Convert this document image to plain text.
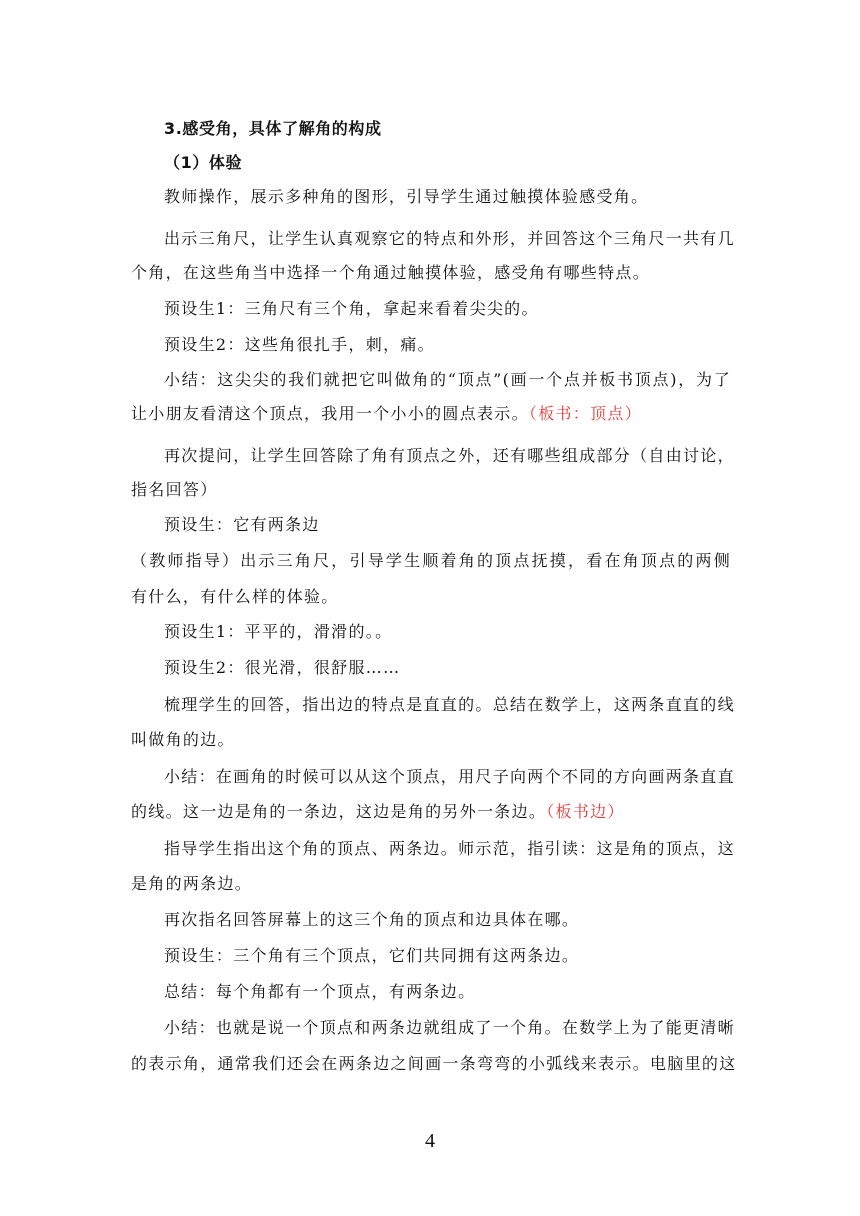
3.感受角，具体了解角的构成
（1）体验
教师操作，展示多种角的图形，引导学生通过触摸体验感受角。
出示三角尺，让学生认真观察它的特点和外形，并回答这个三角尺一共有几
个角，在这些角当中选择一个角通过触摸体验，感受角有哪些特点。
预设生1：三角尺有三个角，拿起来看着尖尖的。
预设生2：这些角很扎手，刺，痛。
小结：这尖尖的我们就把它叫做角的“顶点”(画一个点并板书顶点)，为了
让小朋友看清这个顶点，我用一个小小的圆点表示。（板书：顶点）
再次提问，让学生回答除了角有顶点之外，还有哪些组成部分（自由讨论，
指名回答）
预设生：它有两条边
（教师指导）出示三角尺，引导学生顺着角的顶点抚摸，看在角顶点的两侧
有什么，有什么样的体验。
预设生1：平平的，滑滑的。。
预设生2：很光滑，很舒服……
梳理学生的回答，指出边的特点是直直的。总结在数学上，这两条直直的线
叫做角的边。
小结：在画角的时候可以从这个顶点，用尺子向两个不同的方向画两条直直
的线。这一边是角的一条边，这边是角的另外一条边。（板书边）
指导学生指出这个角的顶点、两条边。师示范，指引读：这是角的顶点，这
是角的两条边。
再次指名回答屏幕上的这三个角的顶点和边具体在哪。
预设生：三个角有三个顶点，它们共同拥有这两条边。
总结：每个角都有一个顶点，有两条边。
小结：也就是说一个顶点和两条边就组成了一个角。在数学上为了能更清晰
的表示角，通常我们还会在两条边之间画一条弯弯的小弧线来表示。电脑里的这
4
